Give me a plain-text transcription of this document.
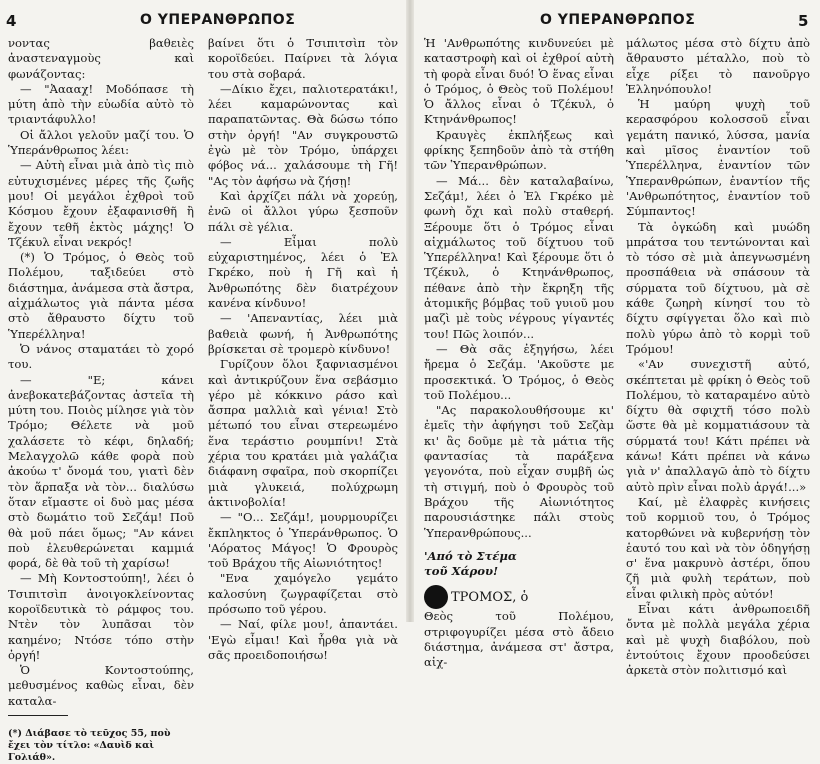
4	Ο ΥΠΕΡΑΝΘΡΩΠΟΣ

νοντας βαθειὲς ἀναστεναγμοὺς καὶ φωνάζοντας:

— "Ἀαααχ! Μοδόπασε τὴ μύτη ἀπὸ τὴν εὐωδία αὐτὸ τὸ τριαντάφυλλο!

Οἱ ἄλλοι γελοῦν μαζί του. Ὁ Ὑπεράνθρωπος λέει:

— Αὐτὴ εἶναι μιὰ ἀπὸ τὶς πιὸ εὐτυχισμένες μέρες τῆς ζωῆς μου! Οἱ μεγάλοι ἐχθροὶ τοῦ Κόσμου ἔχουν ἐξαφανισθῆ ἢ ἔχουν τεθῆ ἐκτὸς μάχης! Ὁ Τζέκυλ εἶναι νεκρός!

(*) Ὁ Τρόμος, ὁ Θεὸς τοῦ Πολέμου, ταξιδεύει στὸ διάστημα, ἀνάμεσα στὰ ἄστρα, αἰχμάλωτος γιὰ πάντα μέσα στὸ ἄθραυστο δίχτυ τοῦ Ὑπερέλληνα!

Ὁ νάνος σταματάει τὸ χορό του.

— "Ε; κάνει ἀνεβοκατεβάζοντας ἀστεῖα τὴ μύτη του. Ποιὸς μίλησε γιὰ τὸν Τρόμο; Θέλετε νὰ μοῦ χαλάσετε τὸ κέφι, δηλαδή; Μελαγχολῶ κάθε φορὰ ποὺ ἀκούω τ' ὄνομά του, γιατὶ δὲν τὸν ἅρπαξα νὰ τὸν... διαλύσω ὅταν εἴμαστε οἱ δυὸ μας μέσα στὸ δωμάτιο τοῦ Σεζάμ! Ποῦ θὰ μοῦ πάει ὅμως; "Αν κάνει ποὺ ἐλευθερώνεται καμμιά φορά, δὲ θὰ τοῦ τὴ χαρίσω!

— Μὴ Κοντοστούπη!, λέει ὁ Τσιπιτσὶπ ἀνοιγοκλείνοντας κοροϊδευτικὰ τὸ ράμφος του. Ντὲν τὸν λυπᾶσαι τὸν καημένο; Ντόσε τόπο στὴν ὀργή!

Ὁ Κοντοστούπης, μεθυσμένος καθὼς εἶναι, δὲν καταλα-

(*) Διάβασε τὸ τεῦχος 55, ποὺ ἔχει τὸν τίτλο: «Δαυὶδ καὶ Γολιάθ».

βαίνει ὅτι ὁ Τσιπιτσὶπ τὸν κοροϊδεύει. Παίρνει τὰ λόγια του στὰ σοβαρά.

—Δίκιο ἔχει, παλιοτερατάκι!, λέει καμαρώνοντας καὶ παραπατῶντας. Θὰ δώσω τόπο στὴν ὀργή! "Αν συγκρουστῶ ἐγὼ μὲ τὸν Τρόμο, ὑπάρχει φόβος νά... χαλάσουμε τὴ Γῆ! "Ας τὸν ἀφήσω νὰ ζήσῃ!

Καὶ ἀρχίζει πάλι νὰ χορεύῃ, ἐνῶ οἱ ἄλλοι γύρω ξεσποῦν πάλι σὲ γέλια.

— Εἶμαι πολὺ εὐχαριστημένος, λέει ὁ Ἐλ Γκρέκο, ποὺ ἡ Γῆ καὶ ἡ Ἀνθρωπότης δὲν διατρέχουν κανένα κίνδυνο!

— 'Απεναντίας, λέει μιὰ βαθειὰ φωνή, ἡ Ἀνθρωπότης βρίσκεται σὲ τρομερὸ κίνδυνο!

Γυρίζουν ὅλοι ξαφνιασμένοι καὶ ἀντικρύζουν ἕνα σεβάσμιο γέρο μὲ κόκκινο ράσο καὶ ἄσπρα μαλλιὰ καὶ γένια! Στὸ μέτωπό του εἶναι στερεωμένο ἕνα τεράστιο ρουμπίνι! Στὰ χέρια του κρατάει μιὰ γαλάζια διάφανη σφαῖρα, ποὺ σκορπίζει μιὰ γλυκειά, πολύχρωμη ἀκτινοβολία!

— "Ο... Σεζάμ!, μουρμουρίζει ἔκπληκτος ὁ Ὑπεράνθρωπος. Ὁ 'Αόρατος Μάγος! Ὁ Φρουρὸς τοῦ Βράχου τῆς Αἰωνιότητος!

"Ενα χαμόγελο γεμάτο καλοσύνη ζωγραφίζεται στὸ πρόσωπο τοῦ γέρου.

— Ναί, φίλε μου!, ἀπαντάει. 'Εγὼ εἶμαι! Καὶ ἦρθα γιὰ νὰ σᾶς προειδοποιήσω!

Ο ΥΠΕΡΑΝΘΡΩΠΟΣ	5

Ἡ 'Ανθρωπότης κινδυνεύει μὲ καταστροφὴ καὶ οἱ ἐχθροί αὐτὴ τὴ φορὰ εἶναι δυό! Ὁ ἕνας εἶναι ὁ Τρόμος, ὁ Θεὸς τοῦ Πολέμου! Ὁ ἄλλος εἶναι ὁ Τζέκυλ, ὁ Κτηνάνθρωπος!

Κραυγὲς ἐκπλήξεως καὶ φρίκης ξεπηδοῦν ἀπὸ τὰ στήθη τῶν Ὑπερανθρώπων.

— Μά... δὲν καταλαβαίνω, Σεζάμ!, λέει ὁ Ἐλ Γκρέκο μὲ φωνὴ ὄχι καὶ πολὺ σταθερή. Ξέρουμε ὅτι ὁ Τρόμος εἶναι αἰχμάλωτος τοῦ δίχτυου τοῦ Ὑπερέλληνα! Καὶ ξέρουμε ὅτι ὁ Τζέκυλ, ὁ Κτηνάνθρωπος, πέθανε ἀπὸ τὴν ἔκρηξη τῆς ἀτομικῆς βόμβας τοῦ γυιοῦ μου μαζὶ μὲ τοὺς νέγρους γίγαντές του! Πῶς λοιπόν...

— Θὰ σᾶς ἐξηγήσω, λέει ἤρεμα ὁ Σεζάμ. 'Ακοῦστε με προσεκτικά. Ὁ Τρόμος, ὁ Θεὸς τοῦ Πολέμου...

"Ας παρακολουθήσουμε κι' ἐμεῖς τὴν ἀφήγησι τοῦ Σεζὰμ κι' ἂς δοῦμε μὲ τὰ μάτια τῆς φαντασίας τὰ παράξενα γεγονότα, ποὺ εἶχαν συμβῆ ὡς τὴ στιγμή, ποὺ ὁ Φρουρὸς τοῦ Βράχου τῆς Αἰωνιότητος παρουσιάστηκε πάλι στοὺς Ὑπερανθρώπους...

'Από τὸ Στέμα

τοῦ Χάρου!

ΤΡΟΜΟΣ, ὁ

Θεὸς τοῦ Πολέμου, στριφογυρίζει μέσα στὸ ἄδειο διάστημα, ἀνάμεσα στ' ἄστρα, αἰχ-

μάλωτος μέσα στὸ δίχτυ ἀπὸ ἄθραυστο μέταλλο, ποὺ τὸ εἶχε ρίξει τὸ πανοῦργο Ἑλληνόπουλο!

Ἡ μαύρη ψυχὴ τοῦ κερασφόρου κολοσσοῦ εἶναι γεμάτη πανικό, λύσσα, μανία καὶ μῖσος ἐναντίον τοῦ Ὑπερέλληνα, ἐναντίον τῶν Ὑπερανθρώπων, ἐναντίον τῆς 'Ανθρωπότητος, ἐναντίον τοῦ Σύμπαντος!

Τὰ ὀγκώδη καὶ μυώδη μπράτσα του τεντώνονται καὶ τὸ τόσο σὲ μιὰ ἀπεγνωσμένη προσπάθεια νὰ σπάσουν τὰ σύρματα τοῦ δίχτυου, μὰ σὲ κάθε ζωηρὴ κίνησί του τὸ δίχτυ σφίγγεται ὅλο καὶ πιὸ πολὺ γύρω ἀπὸ τὸ κορμὶ τοῦ Τρόμου!

«'Αν συνεχιστῆ αὐτό, σκέπτεται μὲ φρίκη ὁ Θεὸς τοῦ Πολέμου, τὸ καταραμένο αὐτὸ δίχτυ θὰ σφιχτῆ τόσο πολὺ ὥστε θὰ μὲ κομματιάσουν τὰ σύρματά του! Κάτι πρέπει νὰ κάνω! Κάτι πρέπει νὰ κάνω γιὰ ν' ἀπαλλαγῶ ἀπὸ τὸ δίχτυ αὐτὸ πρὶν εἶναι πολὺ ἀργά!...»

Καί, μὲ ἐλαφρὲς κινήσεις τοῦ κορμιοῦ του, ὁ Τρόμος κατορθώνει νὰ κυβερνήσῃ τὸν ἑαυτό του καὶ νὰ τὸν ὁδηγήσῃ σ' ἕνα μακρυνὸ ἀστέρι, ὅπου ζῆ μιὰ φυλὴ τεράτων, ποὺ εἶναι φιλικὴ πρὸς αὐτόν!

Εἶναι κάτι ἀνθρωποειδῆ ὄντα μὲ πολλὰ μεγάλα χέρια καὶ μὲ ψυχὴ διαβόλου, ποὺ ἐντούτοις ἔχουν προοδεύσει ἀρκετὰ στὸν πολιτισμό καὶ
